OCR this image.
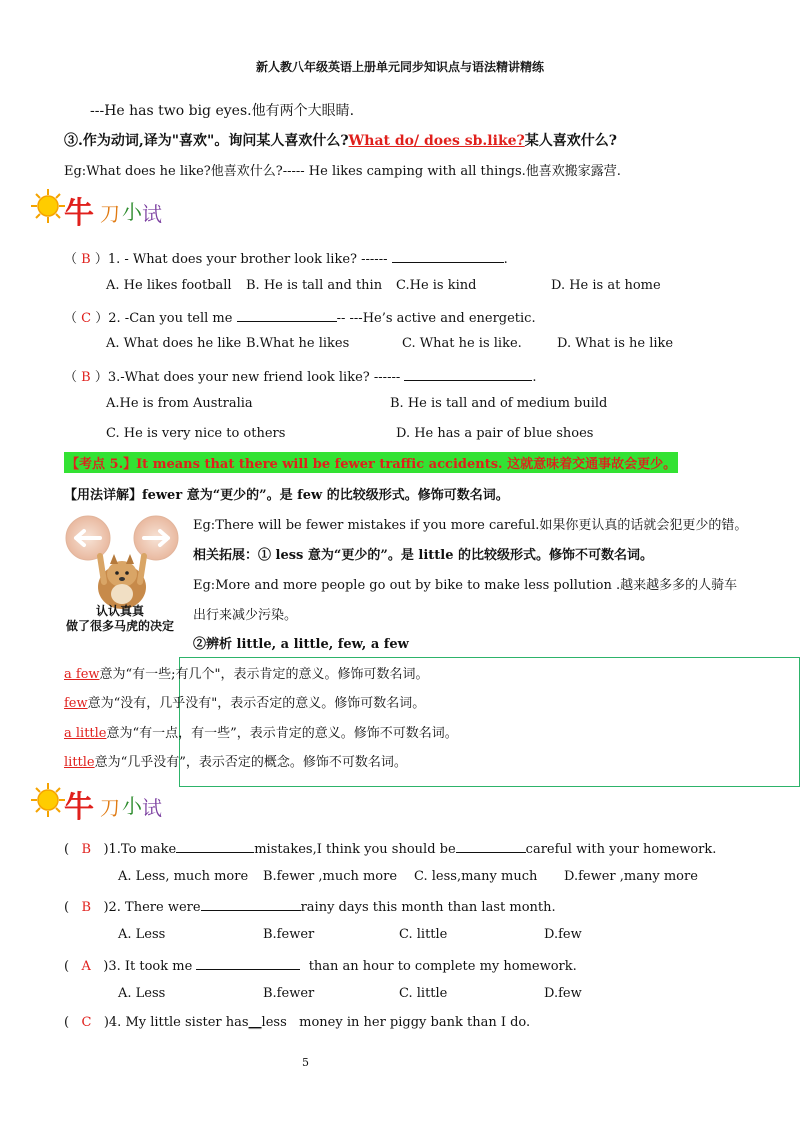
新人教八年级英语上册单元同步知识点与语法精讲精练
---He has two big eyes.他有两个大眼睛.
③.作为动词,译为"喜欢"。询问某人喜欢什么?What do/ does sb.like?某人喜欢什么?
Eg:What does he like?他喜欢什么?----- He likes camping with all things.他喜欢搬家露营.
牛 刀 小 试
（ B ）1. - What does your brother look like? ------	.
A. He likes football B. He is tall and thin C.He is kind	D. He is at home
（ C ）2. -Can you tell me	-- ---He’s active and energetic.
A. What does he like B.What he likes	C. What he is like.	D. What is he like
（ B ）3.-What does your new friend look like? ------	.
A.He is from Australia	B. He is tall and of medium build
C. He is very nice to others	D. He has a pair of blue shoes
【考点 5.】It means that there will be fewer traffic accidents. 这就意味着交通事故会更少。
【用法详解】fewer 意为“更少的”。是 few 的比较级形式。修饰可数名词。
认认真真
做了很多马虎的决定
Eg:There will be fewer mistakes if you more careful.如果你更认真的话就会犯更少的错。
相关拓展：① less 意为“更少的”。是 little 的比较级形式。修饰不可数名词。
Eg:More and more people go out by bike to make less pollution .越来越多多的人骑车
出行来减少污染。
②辨析 little, a little, few, a few
a few意为“有一些;有几个"，表示肯定的意义。修饰可数名词。
few意为“没有，几乎没有"，表示否定的意义。修饰可数名词。
a little意为“有一点，有一些”，表示肯定的意义。修饰不可数名词。
little意为“几乎没有”，表示否定的概念。修饰不可数名词。
牛 刀 小 试
( B )1.To make	mistakes,I think you should be	careful with your homework.
A. Less, much more B.fewer ,much more C. less,many much D.fewer ,many more
( B )2. There were	rainy days this month than last month.
A. Less	B.fewer	C. little	D.few
( A )3. It took me	than an hour to complete my homework.
A. Less	B.fewer	C. little	D.few
( C )4. My little sister has__less money in her piggy bank than I do.
5
